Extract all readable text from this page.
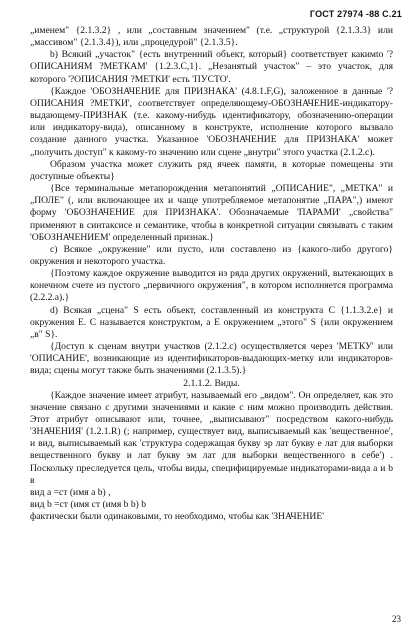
ГОСТ 27974 -88 С.21

„именем" {2.1.3.2} , или „составным значением" (т.е. „структурой {2.1.3.3} или „массивом" {2.1.3.4}), или „процедурой" {2.1.3.5}.

b) Всякий „участок" {есть внутренний объект, который} соответствует какимto '?ОПИСАНИЯМ ?МЕТКАМ' {1.2.3.С,1}. „Незанятый участок" – это участок, для которого '?ОПИСАНИЯ ?МЕТКИ' есть 'ПУСТО'.

{Каждое 'ОБОЗНАЧЕНИЕ для ПРИЗНАКА' (4.8.1.F,G), заложенное в данные '?ОПИСАНИЯ ?МЕТКИ', соответствует определяющему-ОБОЗНАЧЕНИЕ-индикатору-выдающему-ПРИЗНАК (т.е. какому-нибудь идентификатору, обозначению-операции или индикатору-вида), описанному в конструкте, исполнение которого вызвало создание данного участка. Указанное 'ОБОЗНАЧЕНИЕ для ПРИЗНАКА' может „получить доступ" к какому-то значению или сцене „внутри" этого участка (2.1.2.c).

Образом участка может служить ряд ячеек памяти, в которые помещены эти доступные объекты}

{Все терминальные метапорождения метапонятий „ОПИСАНИЕ", „МЕТКА" и „ПОЛЕ" (, или включающее их и чаще употребляемое метапонятие „ПАРА",) имеют форму 'ОБОЗНАЧЕНИЕ для ПРИЗНАКА'. Обозначаемые 'ПАРАМИ' „свойства" применяют в синтаксисе и семантике, чтобы в конкретной ситуации связывать с таким 'ОБОЗНАЧЕНИЕМ' определенный признак.}

c) Всякое „окружение" или пусто, или составлено из {какого-либо другого} окружения и некоторого участка.

{Поэтому каждое окружение выводится из ряда других окружений, вытекающих в конечном счете из пустого „первичного окружения", в котором исполняется программа (2.2.2.a).}

d) Всякая „сцена" S есть объект, составленный из конструкта С {1.1.3.2.е} и окружения Е. С называется конструктом, а Е окружением „этого" S {или окружением „в" S}.

{Доступ к сценам внутри участков (2.1.2.c) осуществляется через 'МЕТКУ' или 'ОПИСАНИЕ', возникающие из идентификаторов-выдающих-метку или индикаторов-вида; сцены могут также быть значениями (2.1.3.5).}

2.1.1.2. Виды.

{Каждое значение имеет атрибут, называемый его „видом". Он определяет, как это значение связано с другими значениями и какие с ним можно производить действия. Этот атрибут описывают или, точнее, „выписывают" посредством какого-нибудь 'ЗНАЧЕНИЯ' (1.2.1.R) (; например, существует вид, выписываемый как 'вещественное', и вид, выписываемый как 'структура содержащая букву эр лат букву е лат для выборки вещественного букву и лат букву эм лат для выборки вещественного в себе') . Поскольку преследуется цель, чтобы виды, специфицируемые индикаторами-вида a и b в

вид a =ст (имя а b) ,

вид b =ст (имя ст (имя b b) b

фактически были одинаковыми, то необходимо, чтобы как 'ЗНАЧЕНИЕ'

23
